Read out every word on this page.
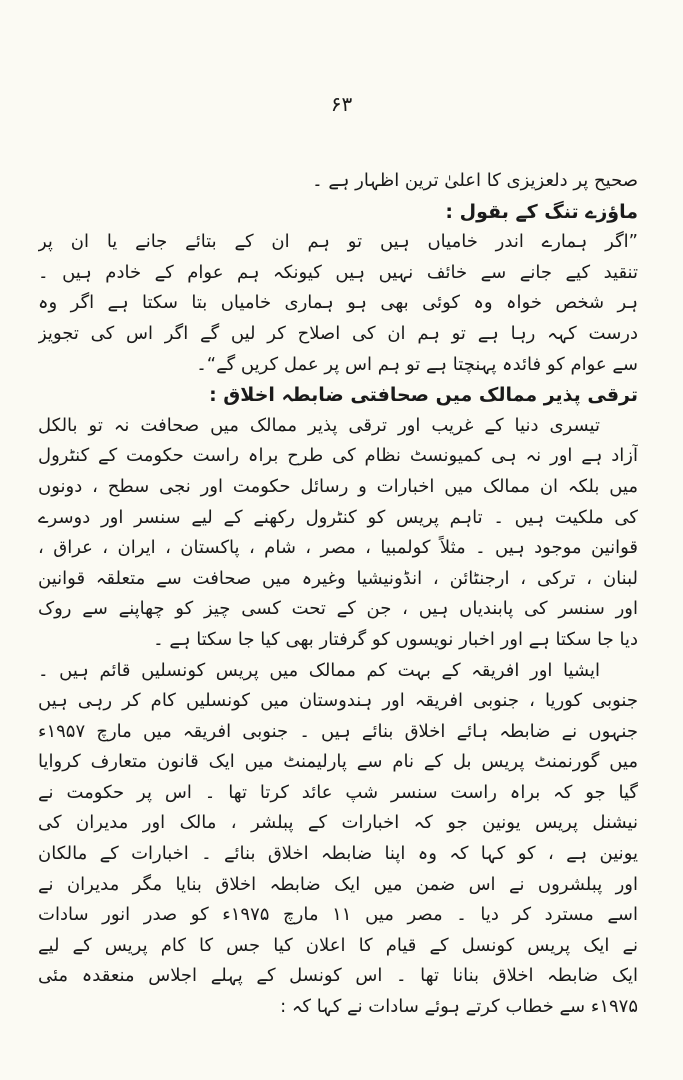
۶۳
صحیح پر دلعزیزی کا اعلیٰ ترین اظہار ہے ۔
ماؤزے تنگ کے بقول :
”اگر ہمارے اندر خامیاں ہیں تو ہم ان کے بتائے جانے یا ان پر
تنقید کیے جانے سے خائف نہیں ہیں کیونکہ ہم عوام کے خادم ہیں ۔
ہر شخص خواہ وہ کوئی بھی ہو ہماری خامیاں بتا سکتا ہے اگر وہ
درست کہہ رہا ہے تو ہم ان کی اصلاح کر لیں گے اگر اس کی تجویز
سے عوام کو فائدہ پہنچتا ہے تو ہم اس پر عمل کریں گے“۔
ترقی پذیر ممالک میں صحافتی ضابطہ اخلاق :
تیسری دنیا کے غریب اور ترقی پذیر ممالک میں صحافت نہ تو بالکل
آزاد ہے اور نہ ہی کمیونسٹ نظام کی طرح براہ راست حکومت کے کنٹرول
میں بلکہ ان ممالک میں اخبارات و رسائل حکومت اور نجی سطح ، دونوں
کی ملکیت ہیں ۔ تاہم پریس کو کنٹرول رکھنے کے لیے سنسر اور دوسرے
قوانین موجود ہیں ۔ مثلاً کولمبیا ، مصر ، شام ، پاکستان ، ایران ، عراق ،
لبنان ، ترکی ، ارجنٹائن ، انڈونیشیا وغیرہ میں صحافت سے متعلقہ قوانین
اور سنسر کی پابندیاں ہیں ، جن کے تحت کسی چیز کو چھاپنے سے روک
دیا جا سکتا ہے اور اخبار نویسوں کو گرفتار بھی کیا جا سکتا ہے ۔
ایشیا اور افریقہ کے بہت کم ممالک میں پریس کونسلیں قائم ہیں ۔
جنوبی کوریا ، جنوبی افریقہ اور ہندوستان میں کونسلیں کام کر رہی ہیں
جنہوں نے ضابطہ ہائے اخلاق بنائے ہیں ۔ جنوبی افریقہ میں مارچ ۱۹۵۷ء
میں گورنمنٹ پریس بل کے نام سے پارلیمنٹ میں ایک قانون متعارف کروایا
گیا جو کہ براہ راست سنسر شپ عائد کرتا تھا ۔ اس پر حکومت نے
نیشنل پریس یونین جو کہ اخبارات کے پبلشر ، مالک اور مدیران کی
یونین ہے ، کو کہا کہ وہ اپنا ضابطہ اخلاق بنائے ۔ اخبارات کے مالکان
اور پبلشروں نے اس ضمن میں ایک ضابطہ اخلاق بنایا مگر مدیران نے
اسے مسترد کر دیا ۔ مصر میں ۱۱ مارچ ۱۹۷۵ء کو صدر انور سادات
نے ایک پریس کونسل کے قیام کا اعلان کیا جس کا کام پریس کے لیے
ایک ضابطہ اخلاق بنانا تھا ۔ اس کونسل کے پہلے اجلاس منعقدہ مئی
۱۹۷۵ء سے خطاب کرتے ہوئے سادات نے کہا کہ :
